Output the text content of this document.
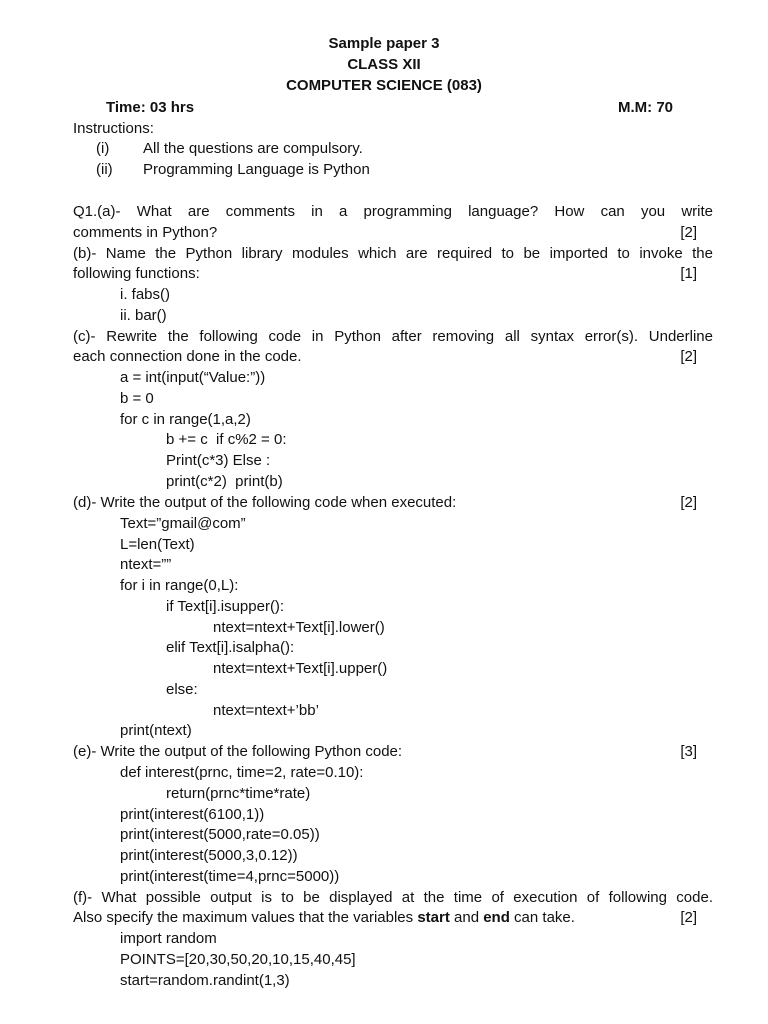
Sample paper 3
CLASS XII
COMPUTER SCIENCE (083)
Time: 03 hrs	M.M: 70
Instructions:
(i) All the questions are compulsory.
(ii) Programming Language is Python
Q1.(a)- What are comments in a programming language? How can you write
comments in Python?	[2]
(b)- Name the Python library modules which are required to be imported to invoke the
following functions:	[1]
i. fabs()
ii. bar()
(c)- Rewrite the following code in Python after removing all syntax error(s). Underline
each connection done in the code.	[2]
a = int(input(“Value:”))
b = 0
for c in range(1,a,2)
b += c  if c%2 = 0:
Print(c*3) Else :
print(c*2)  print(b)
(d)- Write the output of the following code when executed:	[2]
Text=”gmail@com”
L=len(Text)
ntext=””
for i in range(0,L):
if Text[i].isupper():
ntext=ntext+Text[i].lower()
elif Text[i].isalpha():
ntext=ntext+Text[i].upper()
else:
ntext=ntext+’bb’
print(ntext)
(e)- Write the output of the following Python code:	[3]
def interest(prnc, time=2, rate=0.10):
return(prnc*time*rate)
print(interest(6100,1))
print(interest(5000,rate=0.05))
print(interest(5000,3,0.12))
print(interest(time=4,prnc=5000))
(f)- What possible output is to be displayed at the time of execution of following code.
Also specify the maximum values that the variables start and end can take.	[2]
import random
POINTS=[20,30,50,20,10,15,40,45]
start=random.randint(1,3)
